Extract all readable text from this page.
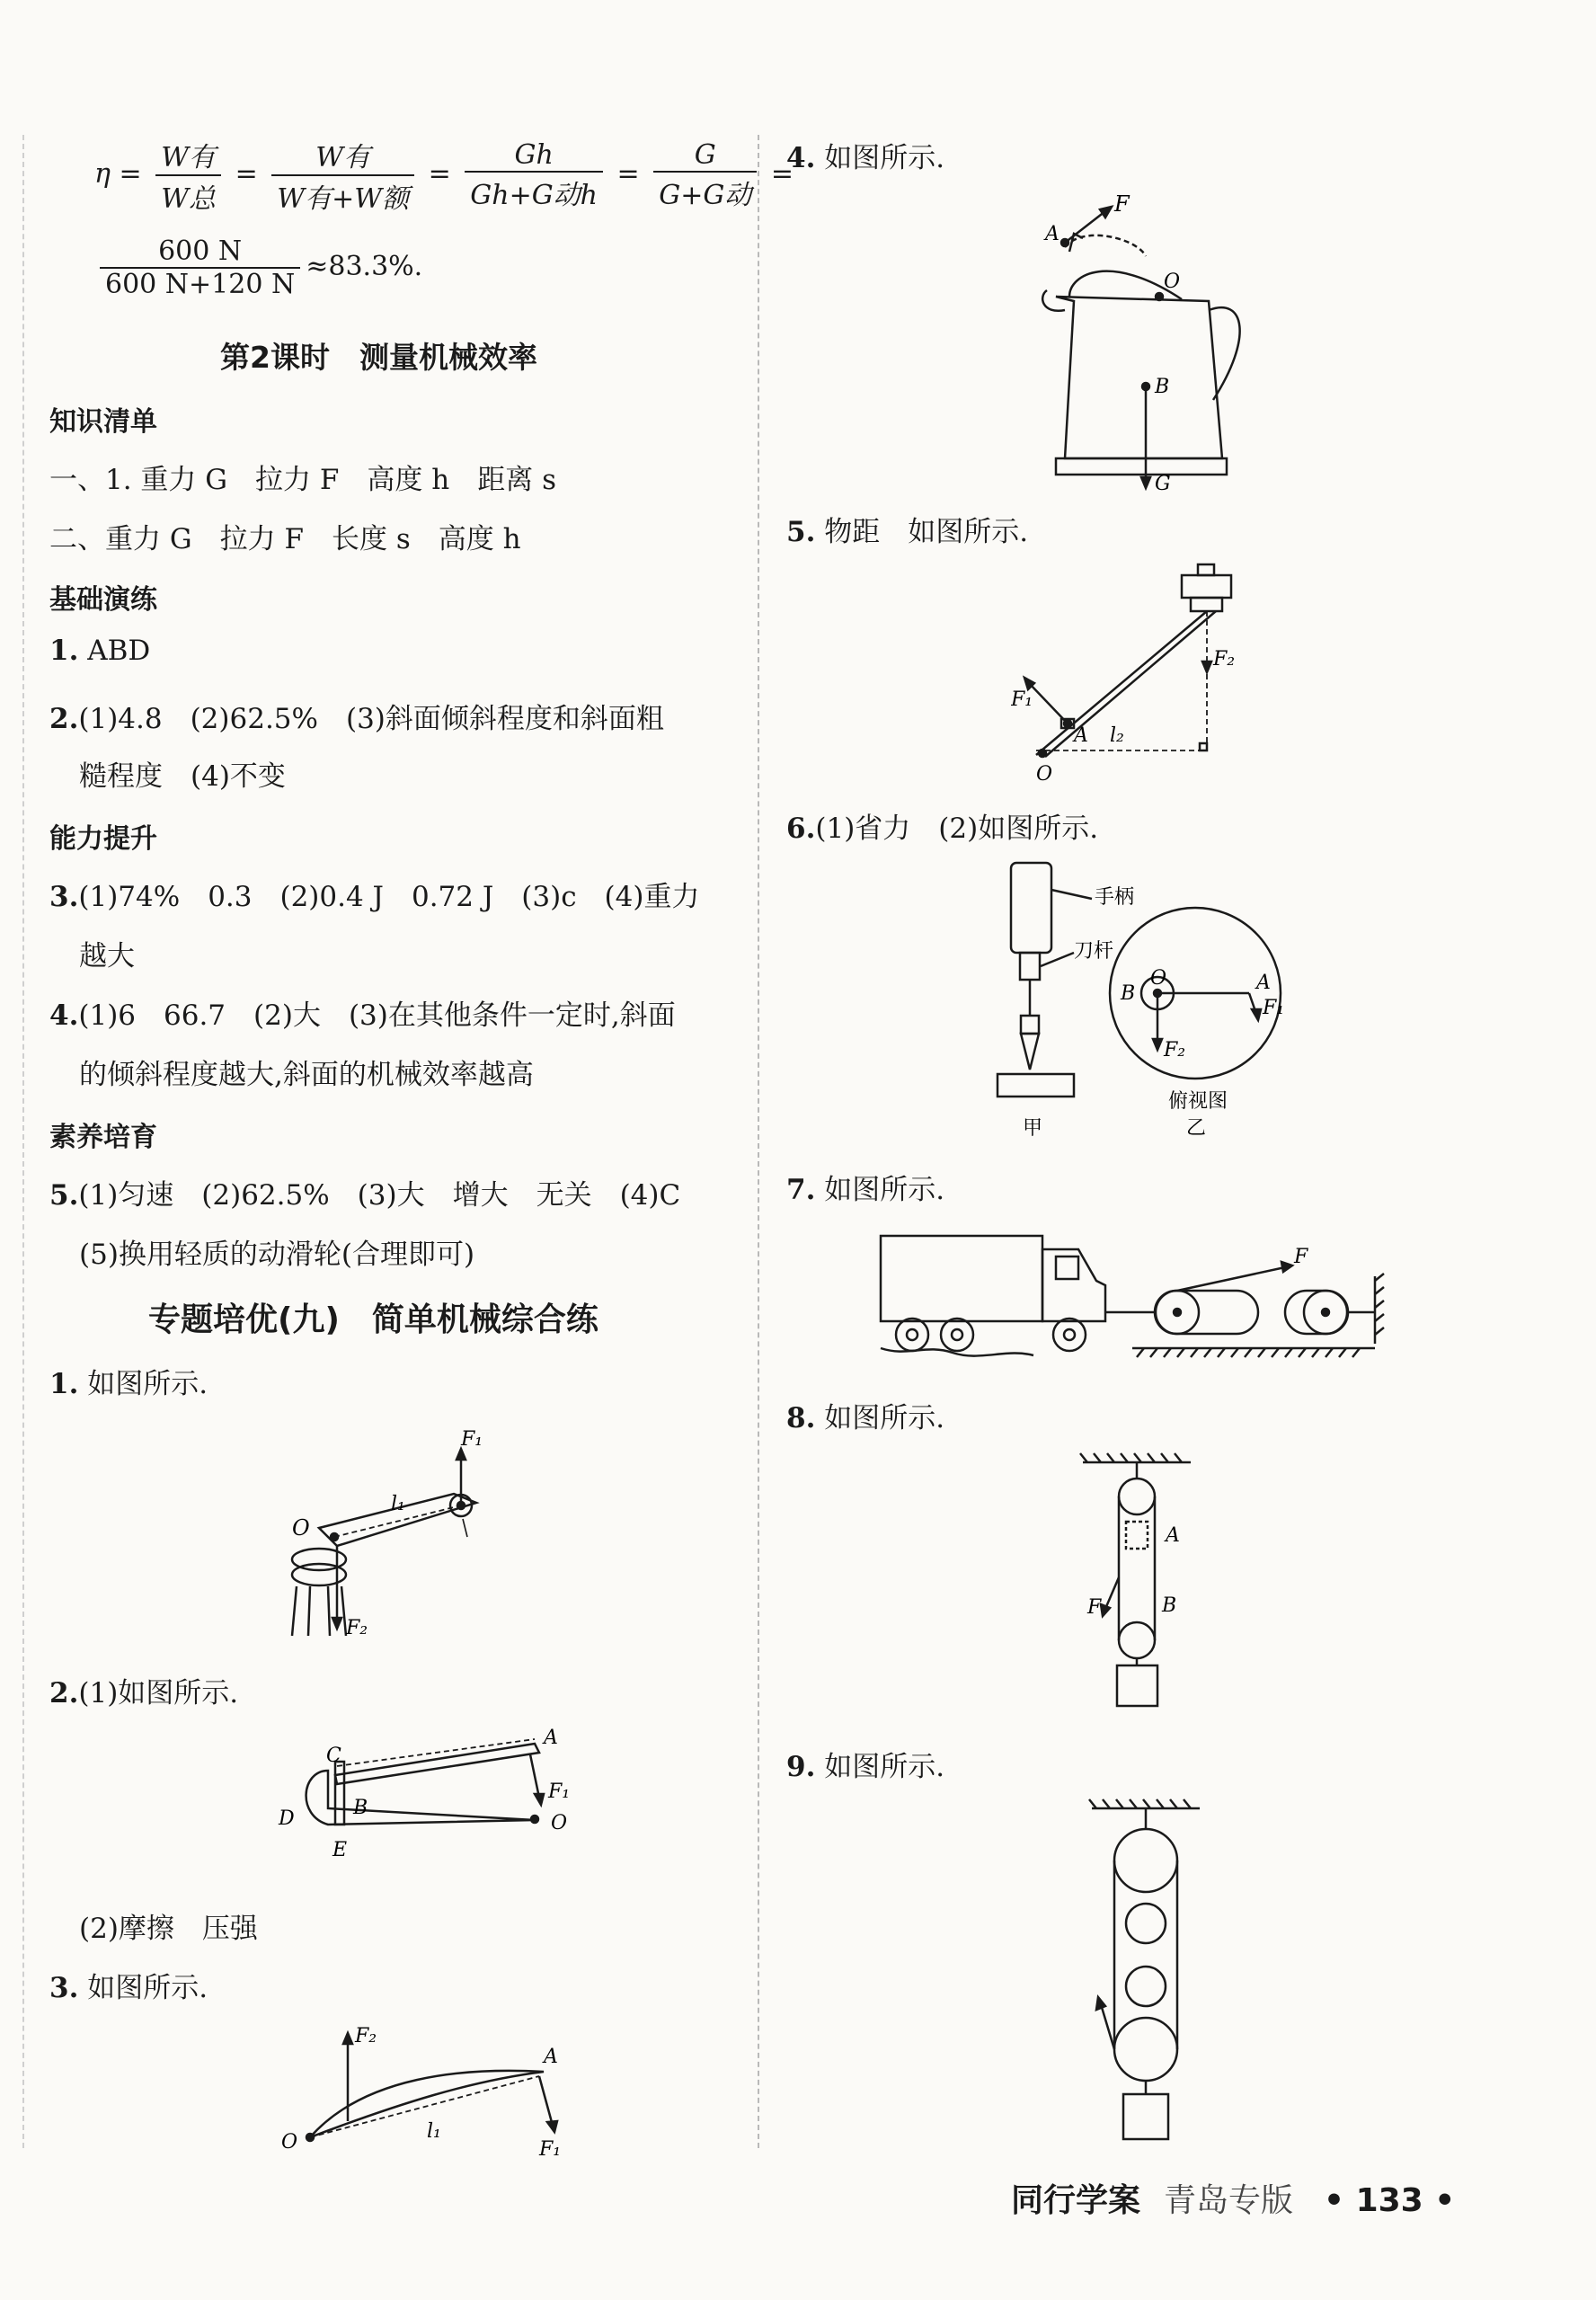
$\eta = \frac{\text{W有}}{\text{W总}} = \frac{\text{W有}}{\text{W有+W额}} = \frac{Gh}{\text{Gh+G动h}} = \frac{G}{\text{G+G动}}$ =
$\frac{600 N}{600 N+120 N} \approx 83.3\%$.
第2课时　测量机械效率
知识清单
一、1. 重力 G　拉力 F　高度 h　距离 s
二、重力 G　拉力 F　长度 s　高度 h
基础演练
1. ABD
2.(1)4.8　(2)62.5%　(3)斜面倾斜程度和斜面粗
糙程度　(4)不变
能力提升
3.(1)74%　0.3　(2)0.4 J　0.72 J　(3)c　(4)重力
越大
4.(1)6　66.7　(2)大　(3)在其他条件一定时,斜面
的倾斜程度越大,斜面的机械效率越高
素养培育
5.(1)匀速　(2)62.5%　(3)大　增大　无关　(4)C
(5)换用轻质的动滑轮(合理即可)
专题培优(九)　简单机械综合练
1. 如图所示.
F₁
O
l₁
F₂
2.(1)如图所示.
C
A
D	B
E
F₁
O
(2)摩擦　压强
3. 如图所示.
F₂
A
O	l₁
F₁
4. 如图所示.
F
A
O
B
G
5. 物距　如图所示.
F₁
F₂
A
O
l₂
6.(1)省力　(2)如图所示.
手柄
刀杆
B
O	A
F₁
F₂
俯视图
甲	乙
7. 如图所示.
F
8. 如图所示.
A
F	B
9. 如图所示.
同行学案 青岛专版 • 133 •
